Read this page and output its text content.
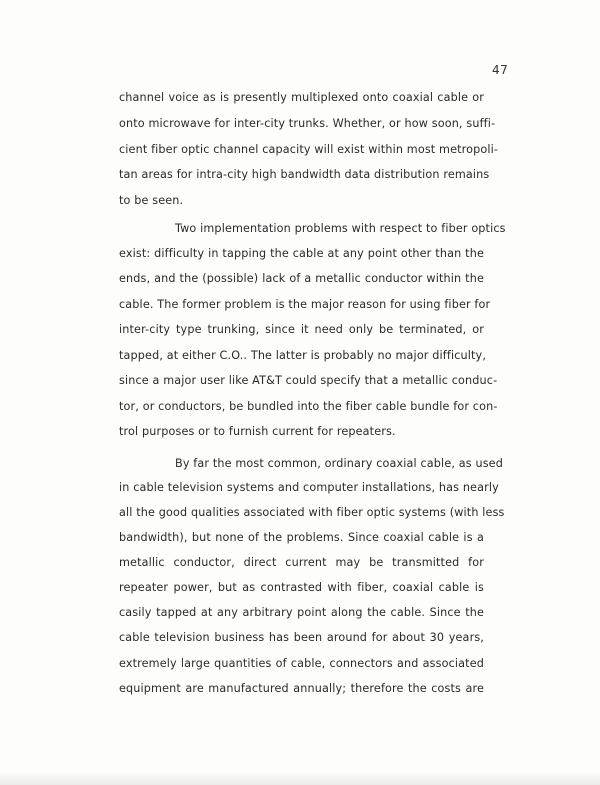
47
channel voice as is presently multiplexed onto coaxial cable or
onto microwave for inter-city trunks. Whether, or how soon, suffi-
cient fiber optic channel capacity will exist within most metropoli-
tan areas for intra-city high bandwidth data distribution remains
to be seen.
Two implementation problems with respect to fiber optics
exist: difficulty in tapping the cable at any point other than the
ends, and the (possible) lack of a metallic conductor within the
cable. The former problem is the major reason for using fiber for
inter-city type trunking, since it need only be terminated, or
tapped, at either C.O.. The latter is probably no major difficulty,
since a major user like AT&T could specify that a metallic conduc-
tor, or conductors, be bundled into the fiber cable bundle for con-
trol purposes or to furnish current for repeaters.
By far the most common, ordinary coaxial cable, as used
in cable television systems and computer installations, has nearly
all the good qualities associated with fiber optic systems (with less
bandwidth), but none of the problems. Since coaxial cable is a
metallic conductor, direct current may be transmitted for
repeater power, but as contrasted with fiber, coaxial cable is
casily tapped at any arbitrary point along the cable. Since the
cable television business has been around for about 30 years,
extremely large quantities of cable, connectors and associated
equipment are manufactured annually; therefore the costs are
